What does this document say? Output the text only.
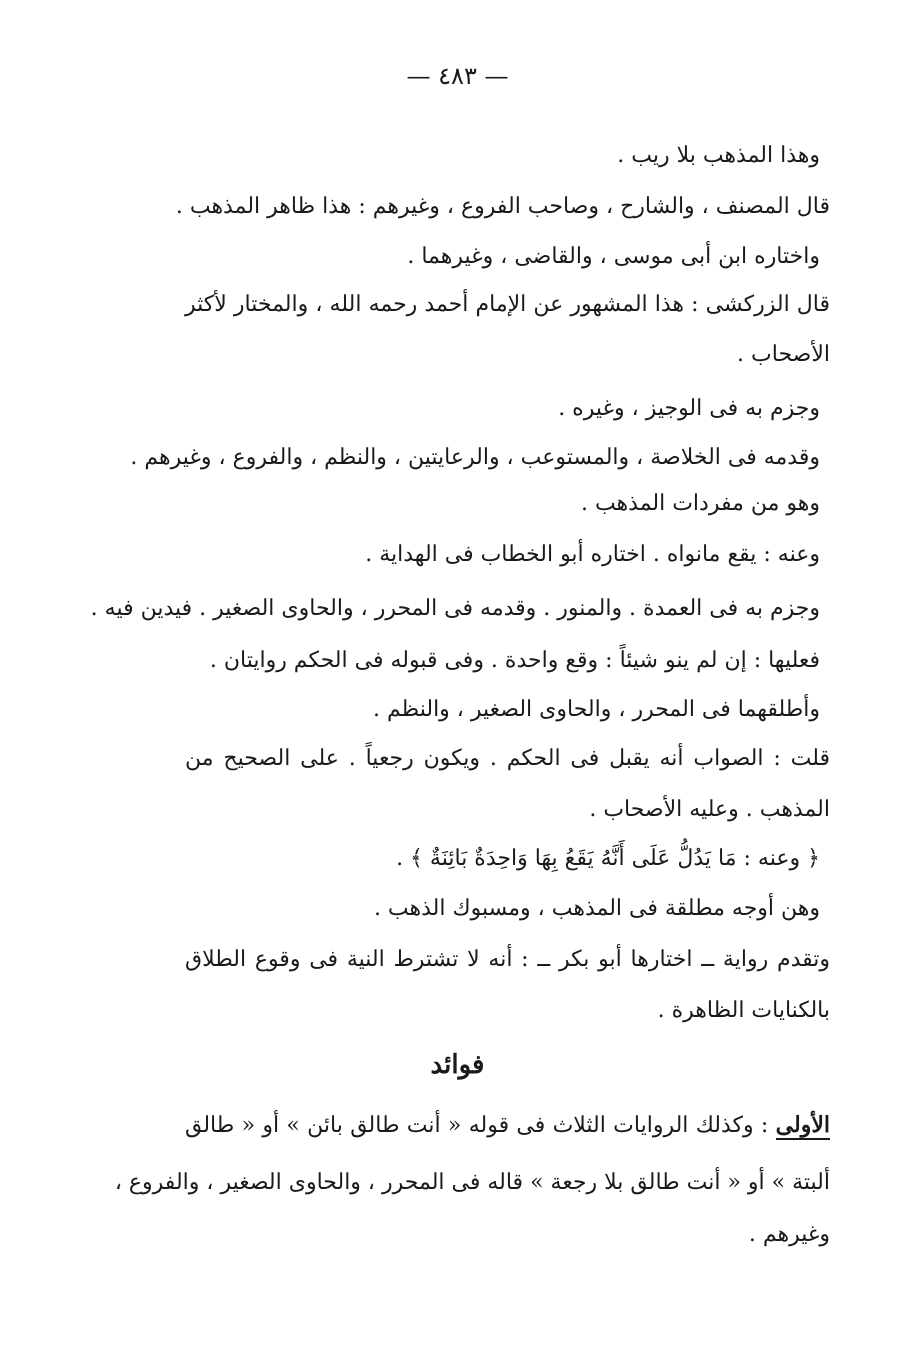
— ٤٨٣ —
وهذا المذهب بلا ريب .
قال المصنف ، والشارح ، وصاحب الفروع ، وغيرهم : هذا ظاهر المذهب .
واختاره ابن أبى موسى ، والقاضى ، وغيرهما .
قال الزركشى : هذا المشهور عن الإمام أحمد رحمه الله ، والمختار لأكثر
الأصحاب .
وجزم به فى الوجيز ، وغيره .
وقدمه فى الخلاصة ، والمستوعب ، والرعايتين ، والنظم ، والفروع ، وغيرهم .
وهو من مفردات المذهب .
وعنه : يقع مانواه . اختاره أبو الخطاب فى الهداية .
وجزم به فى العمدة . والمنور . وقدمه فى المحرر ، والحاوى الصغير . فيدين فيه .
فعليها : إن لم ينو شيئاً : وقع واحدة . وفى قبوله فى الحكم روايتان .
وأطلقهما فى المحرر ، والحاوى الصغير ، والنظم .
قلت : الصواب أنه يقبل فى الحكم . ويكون رجعياً . على الصحيح من
المذهب . وعليه الأصحاب .
﴿ وعنه : مَا يَدُلُّ عَلَى أَنَّهُ يَقَعُ بِهَا وَاحِدَةٌ بَائِنَةٌ ﴾ .
وهن أوجه مطلقة فى المذهب ، ومسبوك الذهب .
وتقدم رواية ــ اختارها أبو بكر ــ : أنه لا تشترط النية فى وقوع الطلاق
بالكنايات الظاهرة .
فوائد
الأولى : وكذلك الروايات الثلاث فى قوله « أنت طالق بائن » أو « طالق
ألبتة » أو « أنت طالق بلا رجعة » قاله فى المحرر ، والحاوى الصغير ، والفروع ،
وغيرهم .
